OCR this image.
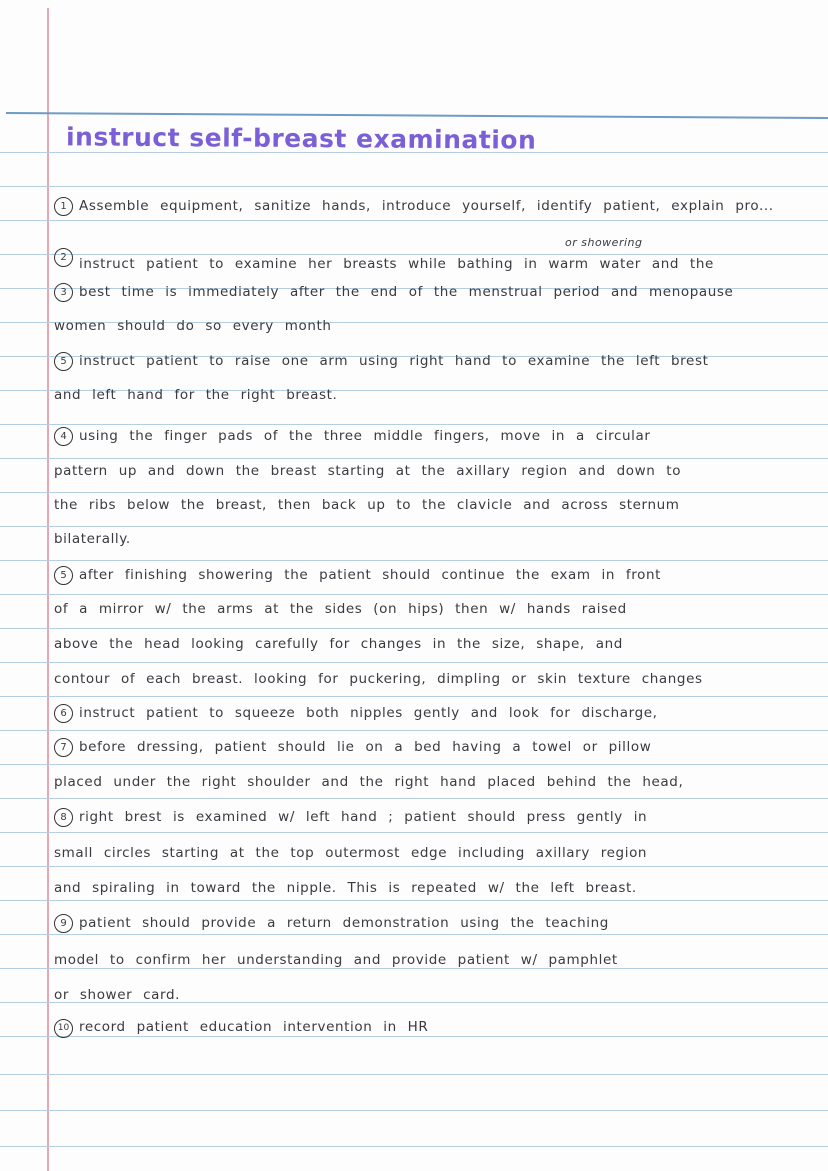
instruct self-breast examination
1 Assemble equipment, sanitize hands, introduce yourself, identify patient, explain pro...
or showering
2 instruct patient to examine her breasts while bathing in warm water and the
3 best time is immediately after the end of the menstrual period and menopause
women should do so every month
5 instruct patient to raise one arm using right hand to examine the left brest
and left hand for the right breast.
4 using the finger pads of the three middle fingers, move in a circular
pattern up and down the breast starting at the axillary region and down to
the ribs below the breast, then back up to the clavicle and across sternum
bilaterally.
5 after finishing showering the patient should continue the exam in front
of a mirror w/ the arms at the sides (on hips) then w/ hands raised
above the head looking carefully for changes in the size, shape, and
contour of each breast. looking for puckering, dimpling or skin texture changes
6 instruct patient to squeeze both nipples gently and look for discharge,
7 before dressing, patient should lie on a bed having a towel or pillow
placed under the right shoulder and the right hand placed behind the head,
8 right brest is examined w/ left hand ; patient should press gently in
small circles starting at the top outermost edge including axillary region
and spiraling in toward the nipple. This is repeated w/ the left breast.
9 patient should provide a return demonstration using the teaching
model to confirm her understanding and provide patient w/ pamphlet
or shower card.
10 record patient education intervention in HR
